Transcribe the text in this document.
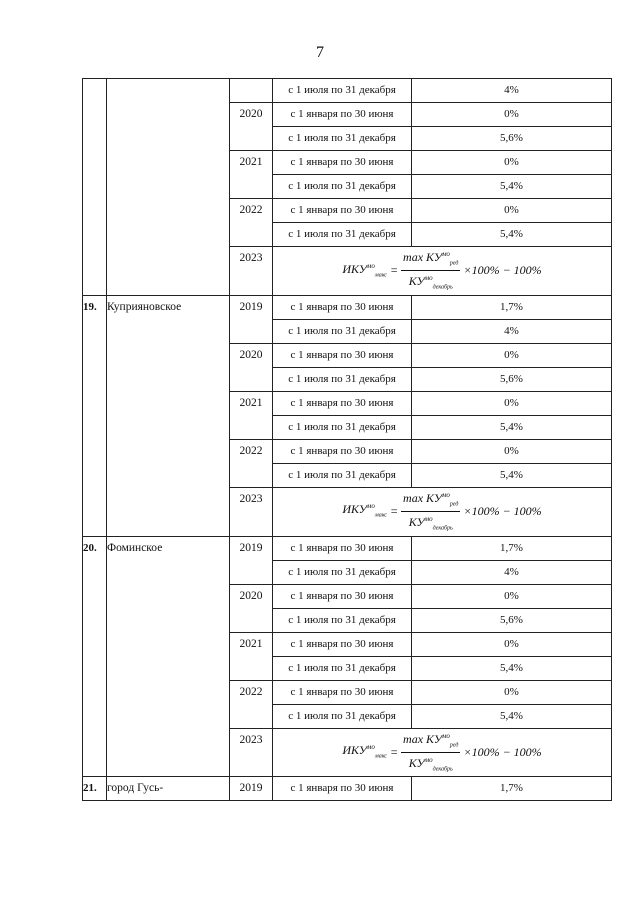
7
			с 1 июля по 31 декабря	4%
		2020	с 1 января по 30 июня	0%
			с 1 июля по 31 декабря	5,6%
		2021	с 1 января по 30 июня	0%
			с 1 июля по 31 декабря	5,4%
		2022	с 1 января по 30 июня	0%
			с 1 июля по 31 декабря	5,4%
		2023	$ИКУ^{мо}_{макс} = \frac{\max КУ^{мо}_{ред}}{КУ^{мо}_{декабрь}} \times 100\% - 100\%$	

19.	Куприяновское	2019	с 1 января по 30 июня	1,7%
			с 1 июля по 31 декабря	4%
		2020	с 1 января по 30 июня	0%
			с 1 июля по 31 декабря	5,6%
		2021	с 1 января по 30 июня	0%
			с 1 июля по 31 декабря	5,4%
		2022	с 1 января по 30 июня	0%
			с 1 июля по 31 декабря	5,4%
		2023	$ИКУ^{мо}_{макс} = \frac{\max КУ^{мо}_{ред}}{КУ^{мо}_{декабрь}} \times 100\% - 100\%$	

20.	Фоминское	2019	с 1 января по 30 июня	1,7%
			с 1 июля по 31 декабря	4%
		2020	с 1 января по 30 июня	0%
			с 1 июля по 31 декабря	5,6%
		2021	с 1 января по 30 июня	0%
			с 1 июля по 31 декабря	5,4%
		2022	с 1 января по 30 июня	0%
			с 1 июля по 31 декабря	5,4%
		2023	$ИКУ^{мо}_{макс} = \frac{\max КУ^{мо}_{ред}}{КУ^{мо}_{декабрь}} \times 100\% - 100\%$	

21.	город Гусь-	2019	с 1 января по 30 июня	1,7%
